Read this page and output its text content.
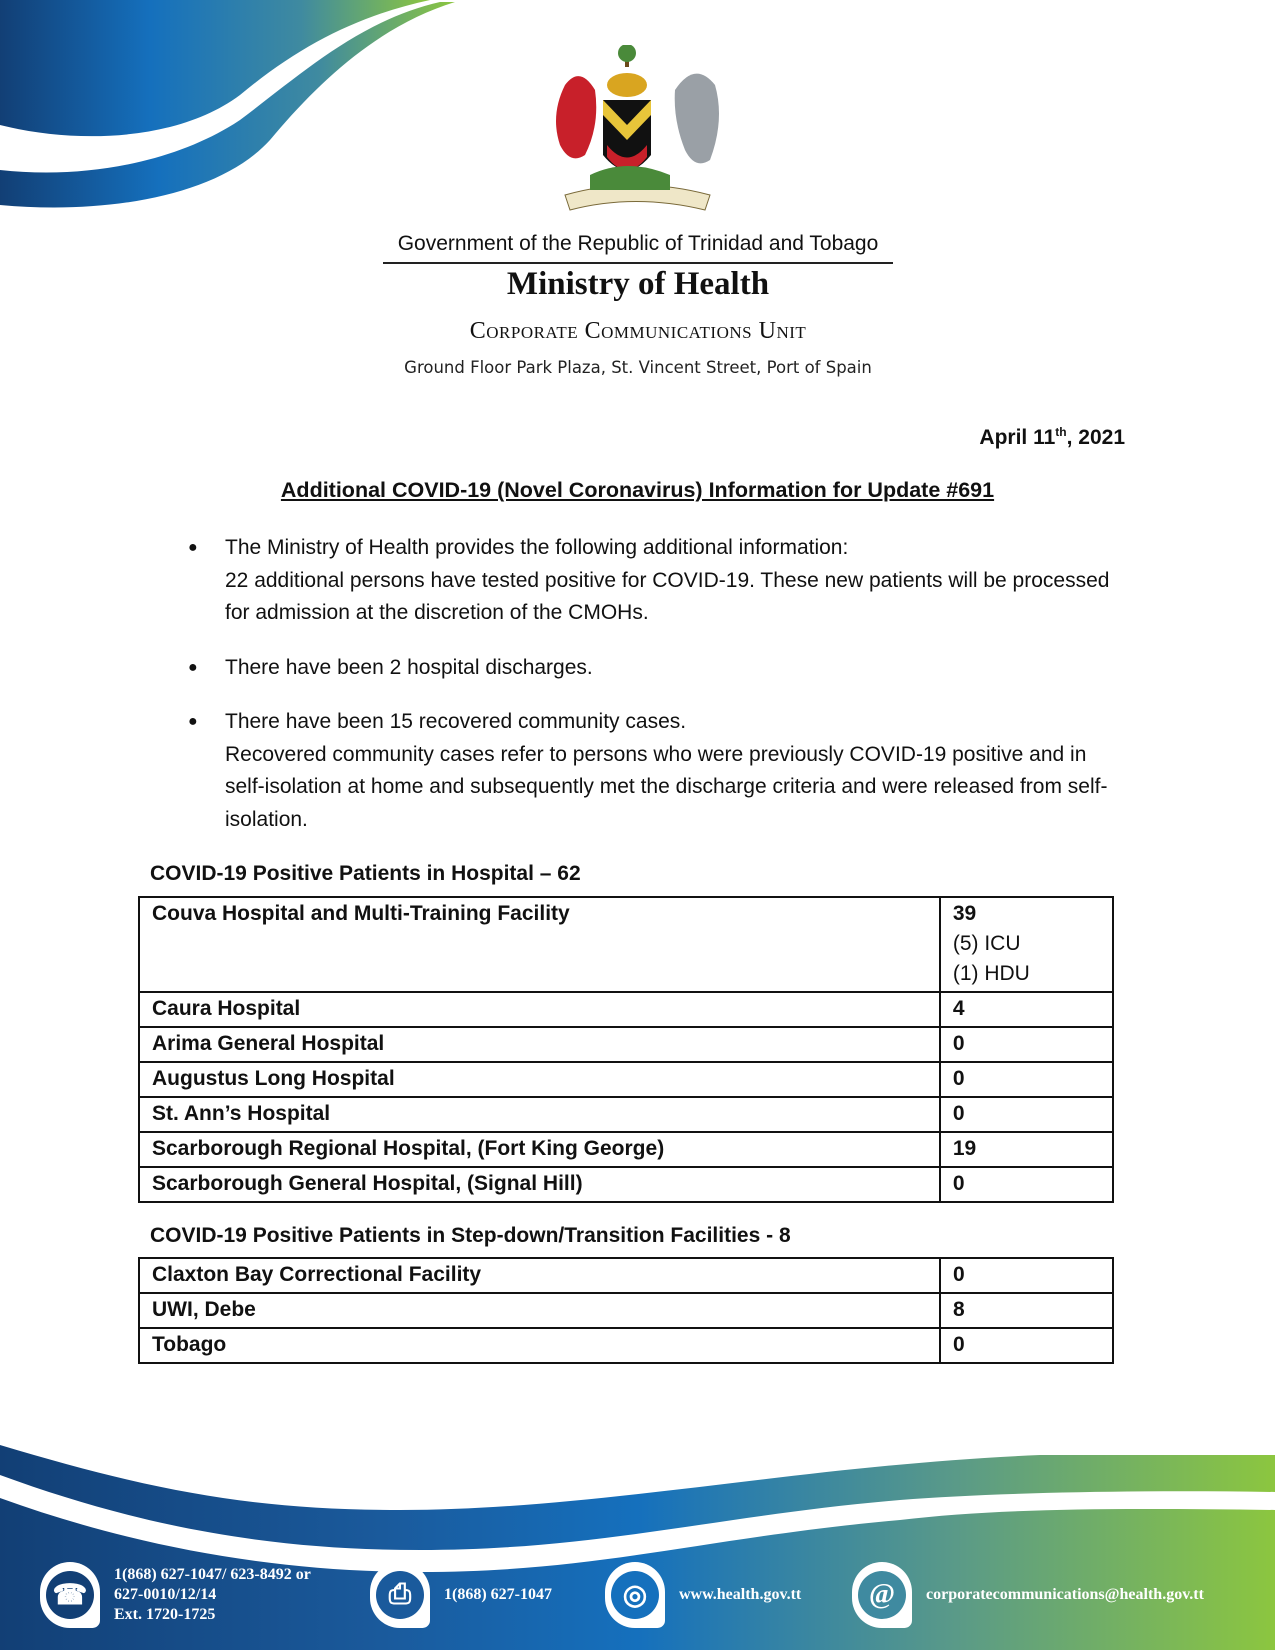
Government of the Republic of Trinidad and Tobago
Ministry of Health
Corporate Communications Unit
Ground Floor Park Plaza, St. Vincent Street, Port of Spain
April 11th, 2021
Additional COVID-19 (Novel Coronavirus) Information for Update #691
● The Ministry of Health provides the following additional information:
22 additional persons have tested positive for COVID-19. These new patients will be processed for admission at the discretion of the CMOHs.
● There have been 2 hospital discharges.
● There have been 15 recovered community cases.
Recovered community cases refer to persons who were previously COVID-19 positive and in self-isolation at home and subsequently met the discharge criteria and were released from self-isolation.
COVID-19 Positive Patients in Hospital – 62
Couva Hospital and Multi-Training Facility	39
(5) ICU
(1) HDU

Caura Hospital	4
Arima General Hospital	0
Augustus Long Hospital	0
St. Ann’s Hospital	0
Scarborough Regional Hospital, (Fort King George)	19
Scarborough General Hospital, (Signal Hill)	0
COVID-19 Positive Patients in Step-down/Transition Facilities - 8
Claxton Bay Correctional Facility	0
UWI, Debe	8
Tobago	0
☎
1(868) 627-1047/ 623-8492 or
627-0010/12/14
Ext. 1720-1725
⎙	1(868) 627-1047	◎	www.health.gov.tt	@	corporatecommunications@health.gov.tt
